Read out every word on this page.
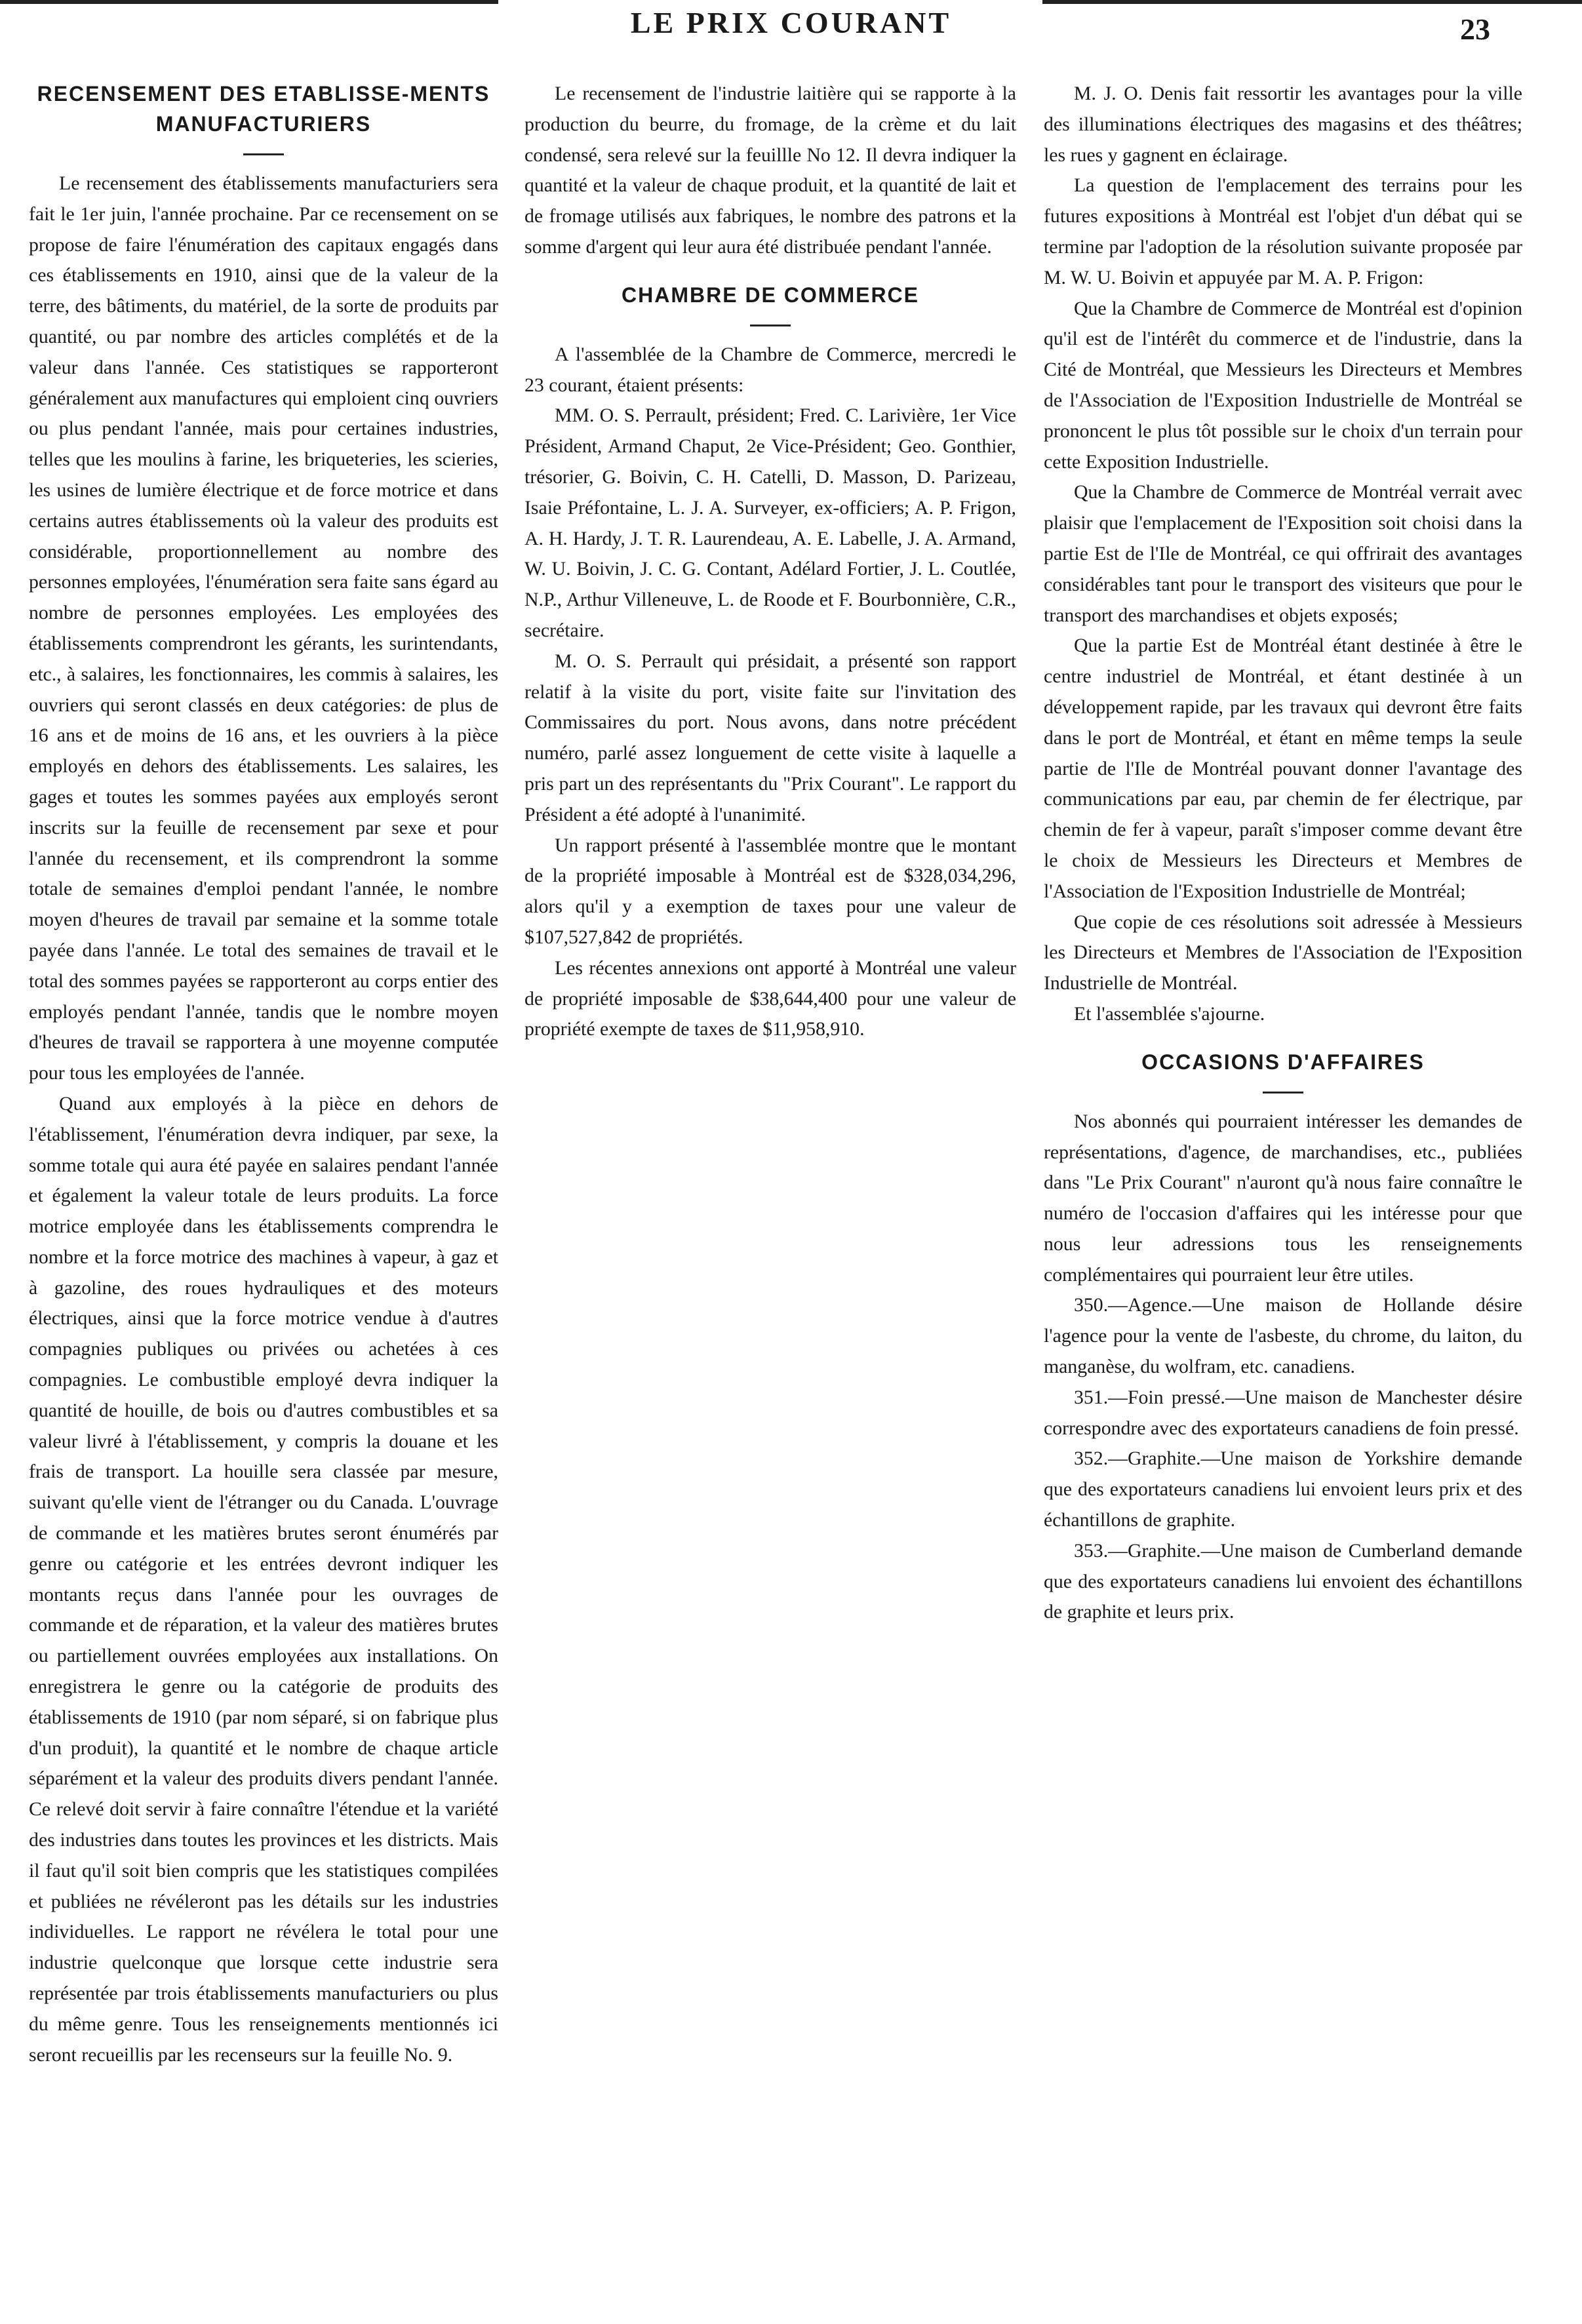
LE PRIX COURANT	23
RECENSEMENT DES ETABLISSE-MENTS MANUFACTURIERS

Le recensement des établissements manufacturiers sera fait le 1er juin, l'année prochaine. Par ce recensement on se propose de faire l'énumération des capitaux engagés dans ces établissements en 1910, ainsi que de la valeur de la terre, des bâtiments, du matériel, de la sorte de produits par quantité, ou par nombre des articles complétés et de la valeur dans l'année. Ces statistiques se rapporteront généralement aux manufactures qui emploient cinq ouvriers ou plus pendant l'année, mais pour certaines industries, telles que les moulins à farine, les briqueteries, les scieries, les usines de lumière électrique et de force motrice et dans certains autres établissements où la valeur des produits est considérable, proportionnellement au nombre des personnes employées, l'énumération sera faite sans égard au nombre de personnes employées. Les employées des établissements comprendront les gérants, les surintendants, etc., à salaires, les fonctionnaires, les commis à salaires, les ouvriers qui seront classés en deux catégories: de plus de 16 ans et de moins de 16 ans, et les ouvriers à la pièce employés en dehors des établissements. Les salaires, les gages et toutes les sommes payées aux employés seront inscrits sur la feuille de recensement par sexe et pour l'année du recensement, et ils comprendront la somme totale de semaines d'emploi pendant l'année, le nombre moyen d'heures de travail par semaine et la somme totale payée dans l'année. Le total des semaines de travail et le total des sommes payées se rapporteront au corps entier des employés pendant l'année, tandis que le nombre moyen d'heures de travail se rapportera à une moyenne computée pour tous les employées de l'année.

Quand aux employés à la pièce en dehors de l'établissement, l'énumération devra indiquer, par sexe, la somme totale qui aura été payée en salaires pendant l'année et également la valeur totale de leurs produits. La force motrice employée dans les établissements comprendra le nombre et la force motrice des machines à vapeur, à gaz et à gazoline, des roues hydrauliques et des moteurs électriques, ainsi que la force motrice vendue à d'autres compagnies publiques ou privées ou achetées à ces compagnies. Le combustible employé devra indiquer la quantité de houille, de bois ou d'autres combustibles et sa valeur livré à l'établissement, y compris la douane et les frais de transport. La houille sera classée par mesure, suivant qu'elle vient de l'étranger ou du Canada. L'ouvrage de commande et les matières brutes seront énumérés par genre ou catégorie et les entrées devront indiquer les montants reçus dans l'année pour les ouvrages de commande et de réparation, et la valeur des matières brutes ou partiellement ouvrées employées aux installations. On enregistrera le genre ou la catégorie de produits des établissements de 1910 (par nom séparé, si on fabrique plus d'un produit), la quantité et le nombre de chaque article séparément et la valeur des produits divers pendant l'année. Ce relevé doit servir à faire connaître l'étendue et la variété des industries dans toutes les provinces et les districts. Mais il faut qu'il soit bien compris que les statistiques compilées et publiées ne révéleront pas les détails sur les industries individuelles. Le rapport ne révélera le total pour une industrie quelconque que lorsque cette industrie sera représentée par trois établissements manufacturiers ou plus du même genre. Tous les renseignements mentionnés ici seront recueillis par les recenseurs sur la feuille No. 9.

Le recensement de l'industrie laitière qui se rapporte à la production du beurre, du fromage, de la crème et du lait condensé, sera relevé sur la feuillle No 12. Il devra indiquer la quantité et la valeur de chaque produit, et la quantité de lait et de fromage utilisés aux fabriques, le nombre des patrons et la somme d'argent qui leur aura été distribuée pendant l'année.

CHAMBRE DE COMMERCE

A l'assemblée de la Chambre de Commerce, mercredi le 23 courant, étaient présents:

MM. O. S. Perrault, président; Fred. C. Larivière, 1er Vice Président, Armand Chaput, 2e Vice-Président; Geo. Gonthier, trésorier, G. Boivin, C. H. Catelli, D. Masson, D. Parizeau, Isaie Préfontaine, L. J. A. Surveyer, ex-officiers; A. P. Frigon, A. H. Hardy, J. T. R. Laurendeau, A. E. Labelle, J. A. Armand, W. U. Boivin, J. C. G. Contant, Adélard Fortier, J. L. Coutlée, N.P., Arthur Villeneuve, L. de Roode et F. Bourbonnière, C.R., secrétaire.

M. O. S. Perrault qui présidait, a présenté son rapport relatif à la visite du port, visite faite sur l'invitation des Commissaires du port. Nous avons, dans notre précédent numéro, parlé assez longuement de cette visite à laquelle a pris part un des représentants du "Prix Courant". Le rapport du Président a été adopté à l'unanimité.

Un rapport présenté à l'assemblée montre que le montant de la propriété imposable à Montréal est de $328,034,296, alors qu'il y a exemption de taxes pour une valeur de $107,527,842 de propriétés.

Les récentes annexions ont apporté à Montréal une valeur de propriété imposable de $38,644,400 pour une valeur de propriété exempte de taxes de $11,958,910.

M. J. O. Denis fait ressortir les avantages pour la ville des illuminations électriques des magasins et des théâtres; les rues y gagnent en éclairage.

La question de l'emplacement des terrains pour les futures expositions à Montréal est l'objet d'un débat qui se termine par l'adoption de la résolution suivante proposée par M. W. U. Boivin et appuyée par M. A. P. Frigon:

Que la Chambre de Commerce de Montréal est d'opinion qu'il est de l'intérêt du commerce et de l'industrie, dans la Cité de Montréal, que Messieurs les Directeurs et Membres de l'Association de l'Exposition Industrielle de Montréal se prononcent le plus tôt possible sur le choix d'un terrain pour cette Exposition Industrielle.

Que la Chambre de Commerce de Montréal verrait avec plaisir que l'emplacement de l'Exposition soit choisi dans la partie Est de l'Ile de Montréal, ce qui offrirait des avantages considérables tant pour le transport des visiteurs que pour le transport des marchandises et objets exposés;

Que la partie Est de Montréal étant destinée à être le centre industriel de Montréal, et étant destinée à un développement rapide, par les travaux qui devront être faits dans le port de Montréal, et étant en même temps la seule partie de l'Ile de Montréal pouvant donner l'avantage des communications par eau, par chemin de fer électrique, par chemin de fer à vapeur, paraît s'imposer comme devant être le choix de Messieurs les Directeurs et Membres de l'Association de l'Exposition Industrielle de Montréal;

Que copie de ces résolutions soit adressée à Messieurs les Directeurs et Membres de l'Association de l'Exposition Industrielle de Montréal.

Et l'assemblée s'ajourne.

OCCASIONS D'AFFAIRES

Nos abonnés qui pourraient intéresser les demandes de représentations, d'agence, de marchandises, etc., publiées dans "Le Prix Courant" n'auront qu'à nous faire connaître le numéro de l'occasion d'affaires qui les intéresse pour que nous leur adressions tous les renseignements complémentaires qui pourraient leur être utiles.

350.—Agence.—Une maison de Hollande désire l'agence pour la vente de l'asbeste, du chrome, du laiton, du manganèse, du wolfram, etc. canadiens.

351.—Foin pressé.—Une maison de Manchester désire correspondre avec des exportateurs canadiens de foin pressé.

352.—Graphite.—Une maison de Yorkshire demande que des exportateurs canadiens lui envoient leurs prix et des échantillons de graphite.

353.—Graphite.—Une maison de Cumberland demande que des exportateurs canadiens lui envoient des échantillons de graphite et leurs prix.
